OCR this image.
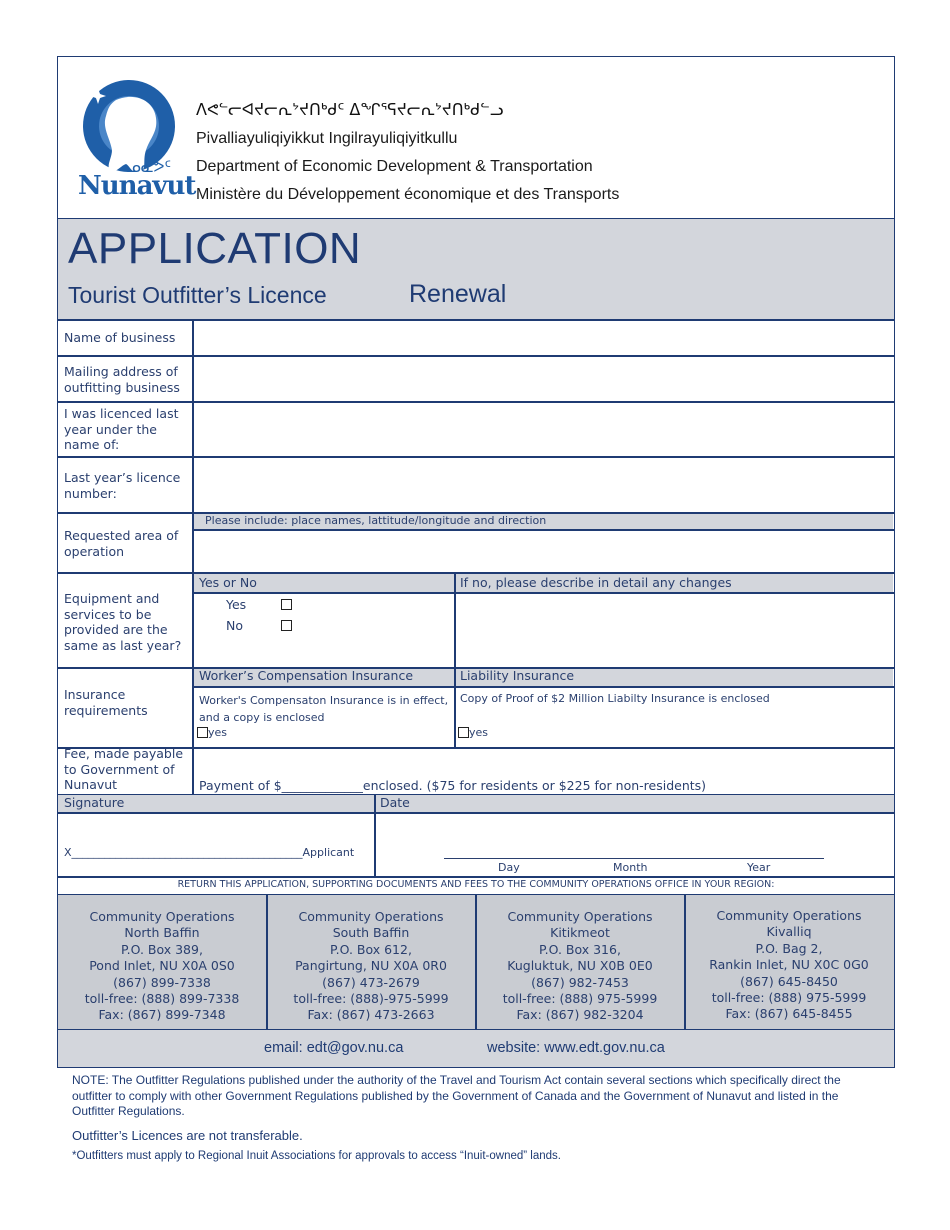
ᓄᓇᕗᑦ
Nunavut
ᐱᕙᓪᓕᐊᔪᓕᕆᔾᔪᑎᒃᑯᑦ ᐃᖏᕐᕋᔪᓕᕆᔾᔪᑎᒃᑯᓪᓗ
Pivalliayuliqiyikkut Ingilrayuliqiyitkullu
Department of Economic Development & Transportation
Ministère du Développement économique et des Transports
APPLICATION
Tourist Outfitter’s Licence	Renewal
Name of business
Mailing address of outfitting business
I was licenced last year under the name of:
Last year’s licence number:
Requested area of operation
Please include: place names, lattitude/longitude and direction
Equipment and services to be provided are the same as last year?
Yes or No	If no, please describe in detail any changes
Yes
No
Insurance requirements
Worker’s Compensation Insurance	Liability Insurance
Worker's Compensaton Insurance is in effect, and a copy is enclosed
Copy of Proof of $2 Million Liabilty Insurance is enclosed
yes	yes
Fee, made payable to Government of Nunavut	Payment of $_____________enclosed. ($75 for residents or $225 for non-residents)
Signature	Date
X__________________________________________Applicant
Day	Month	Year
RETURN THIS APPLICATION, SUPPORTING DOCUMENTS AND FEES TO THE COMMUNITY OPERATIONS OFFICE IN YOUR REGION:
Community Operations
North Baffin
P.O. Box 389,
Pond Inlet, NU X0A 0S0
(867) 899-7338
toll-free: (888) 899-7338
Fax: (867) 899-7348
Community Operations
South Baffin
P.O. Box 612,
Pangirtung, NU X0A 0R0
(867) 473-2679
toll-free: (888)-975-5999
Fax: (867) 473-2663
Community Operations
Kitikmeot
P.O. Box 316,
Kugluktuk, NU X0B 0E0
(867) 982-7453
toll-free: (888) 975-5999
Fax: (867) 982-3204
Community Operations
Kivalliq
P.O. Bag 2,
Rankin Inlet, NU X0C 0G0
(867) 645-8450
toll-free: (888) 975-5999
Fax: (867) 645-8455
email: edt@gov.nu.ca	website: www.edt.gov.nu.ca
NOTE: The Outfitter Regulations published under the authority of the Travel and Tourism Act contain several sections which specifically direct the outfitter to comply with other Government Regulations published by the Government of Canada and the Government of Nunavut and listed in the Outfitter Regulations.
Outfitter’s Licences are not transferable.
*Outfitters must apply to Regional Inuit Associations for approvals to access “Inuit-owned” lands.
